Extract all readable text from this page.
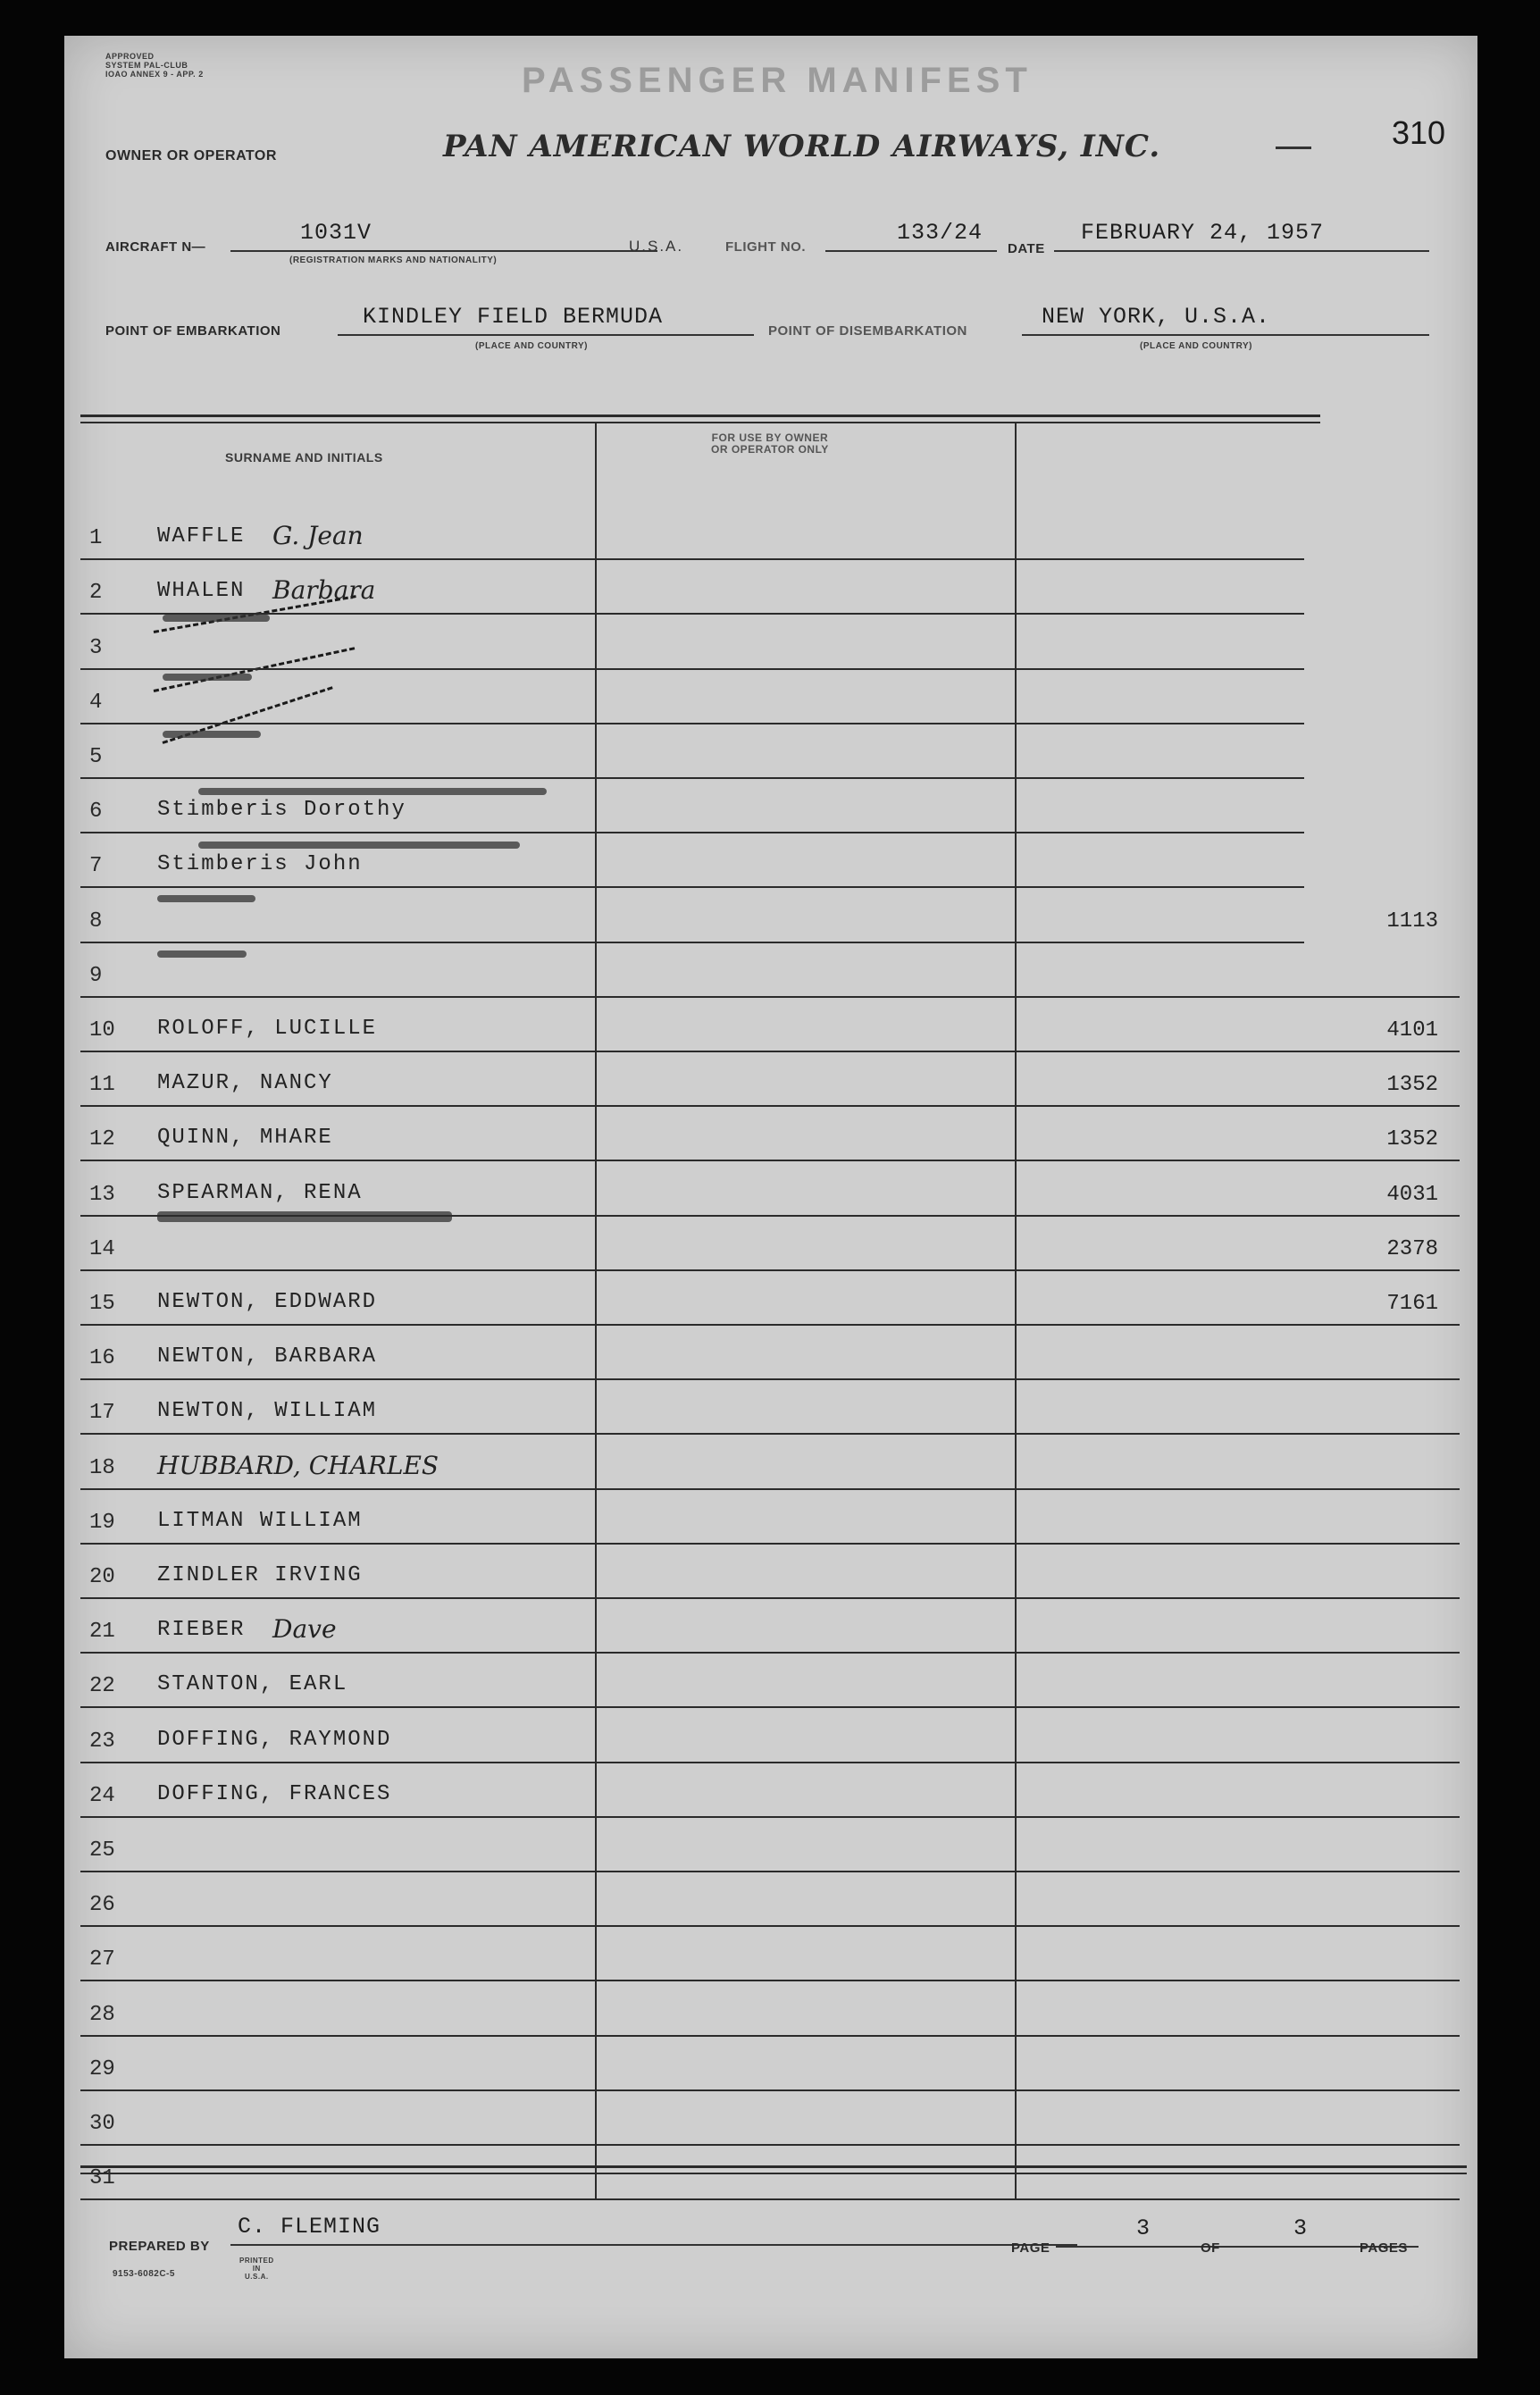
APPROVED
SYSTEM PAL-CLUB
IOAO ANNEX 9 - APP. 2	PASSENGER MANIFEST
310
OWNER OR OPERATOR	PAN AMERICAN WORLD AIRWAYS, INC.
AIRCRAFT N—
1031V
(REGISTRATION MARKS AND NATIONALITY)
U.S.A.	FLIGHT NO.
133/24
DATE
FEBRUARY 24, 1957
POINT OF EMBARKATION
KINDLEY FIELD BERMUDA
(PLACE AND COUNTRY)
POINT OF DISEMBARKATION
NEW YORK, U.S.A.
(PLACE AND COUNTRY)
SURNAME AND INITIALS
FOR USE BY OWNER
OR OPERATOR ONLY
PREPARED BY
C. FLEMING
PAGE
3
OF
3
PAGES
9153-6082C-5
PRINTED
IN
U.S.A.
1	WAFFLE G. Jean
2	WHALEN Barbara
3
4
5
6	Stimberis Dorothy
7	Stimberis John
8	1113
9
10 ROLOFF, LUCILLE	4101
11 MAZUR, NANCY	1352
12 QUINN, MHARE	1352
13 SPEARMAN, RENA	4031
14	2378
15 NEWTON, EDDWARD	7161
16 NEWTON, BARBARA
17 NEWTON, WILLIAM
18 HUBBARD, CHARLES
19 LITMAN WILLIAM
20 ZINDLER IRVING
21 RIEBER Dave
22 STANTON, EARL
23 DOFFING, RAYMOND
24 DOFFING, FRANCES
25
26
27
28
29
30
31
